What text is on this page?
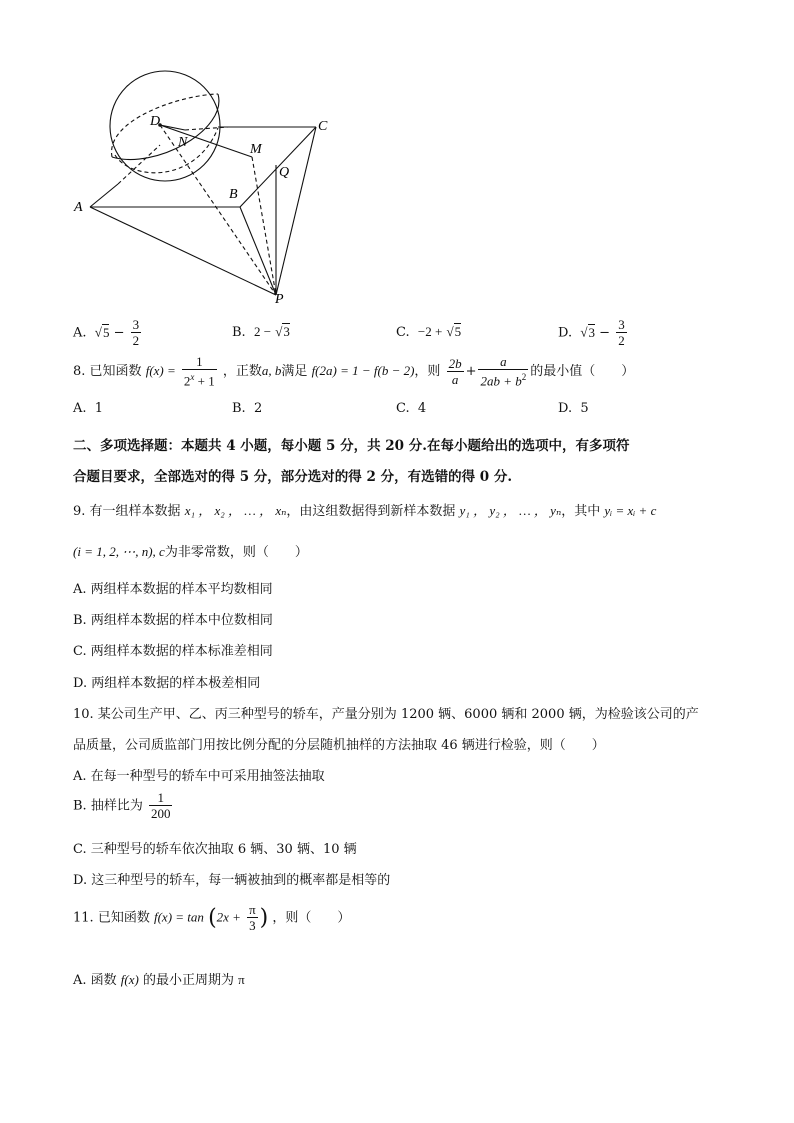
D
N	M
C
Q
B
A
P
A. $√5 - \frac{3}{2}$	B. 2 − √3	C. −2 + √5	D. $√3 - \frac{3}{2}$
8. 已知函数 $f(x) = \frac{1}{2^x + 1}$ ，正数a, b满足 f(2a) = 1 − f(b − 2)，则 $\frac{2b}{a} + \frac{a}{2ab + b^2}$ 的最小值（　　）
A. 1	B. 2	C. 4	D. 5
二、多项选择题：本题共 4 小题，每小题 5 分，共 20 分.在每小题给出的选项中，有多项符
合题目要求，全部选对的得 5 分，部分选对的得 2 分，有选错的得 0 分.
9. 有一组样本数据 x₁ ， x₂ ， … ， xₙ，由这组数据得到新样本数据 y₁ ， y₂ ， … ， yₙ，其中 yᵢ = xᵢ + c
(i = 1, 2, ⋯, n), c为非零常数，则（　　）
A. 两组样本数据的样本平均数相同
B. 两组样本数据的样本中位数相同
C. 两组样本数据的样本标准差相同
D. 两组样本数据的样本极差相同
10. 某公司生产甲、乙、丙三种型号的轿车，产量分别为 1200 辆、6000 辆和 2000 辆，为检验该公司的产
品质量，公司质监部门用按比例分配的分层随机抽样的方法抽取 46 辆进行检验，则（　　）
A. 在每一种型号的轿车中可采用抽签法抽取
B. 抽样比为 $\frac{1}{200}$
C. 三种型号的轿车依次抽取 6 辆、30 辆、10 辆
D. 这三种型号的轿车，每一辆被抽到的概率都是相等的
11. 已知函数 $f(x) = \tan (2x + \frac{\pi}{3}$ ) ，则（　　）
A. 函数 f(x) 的最小正周期为 π
